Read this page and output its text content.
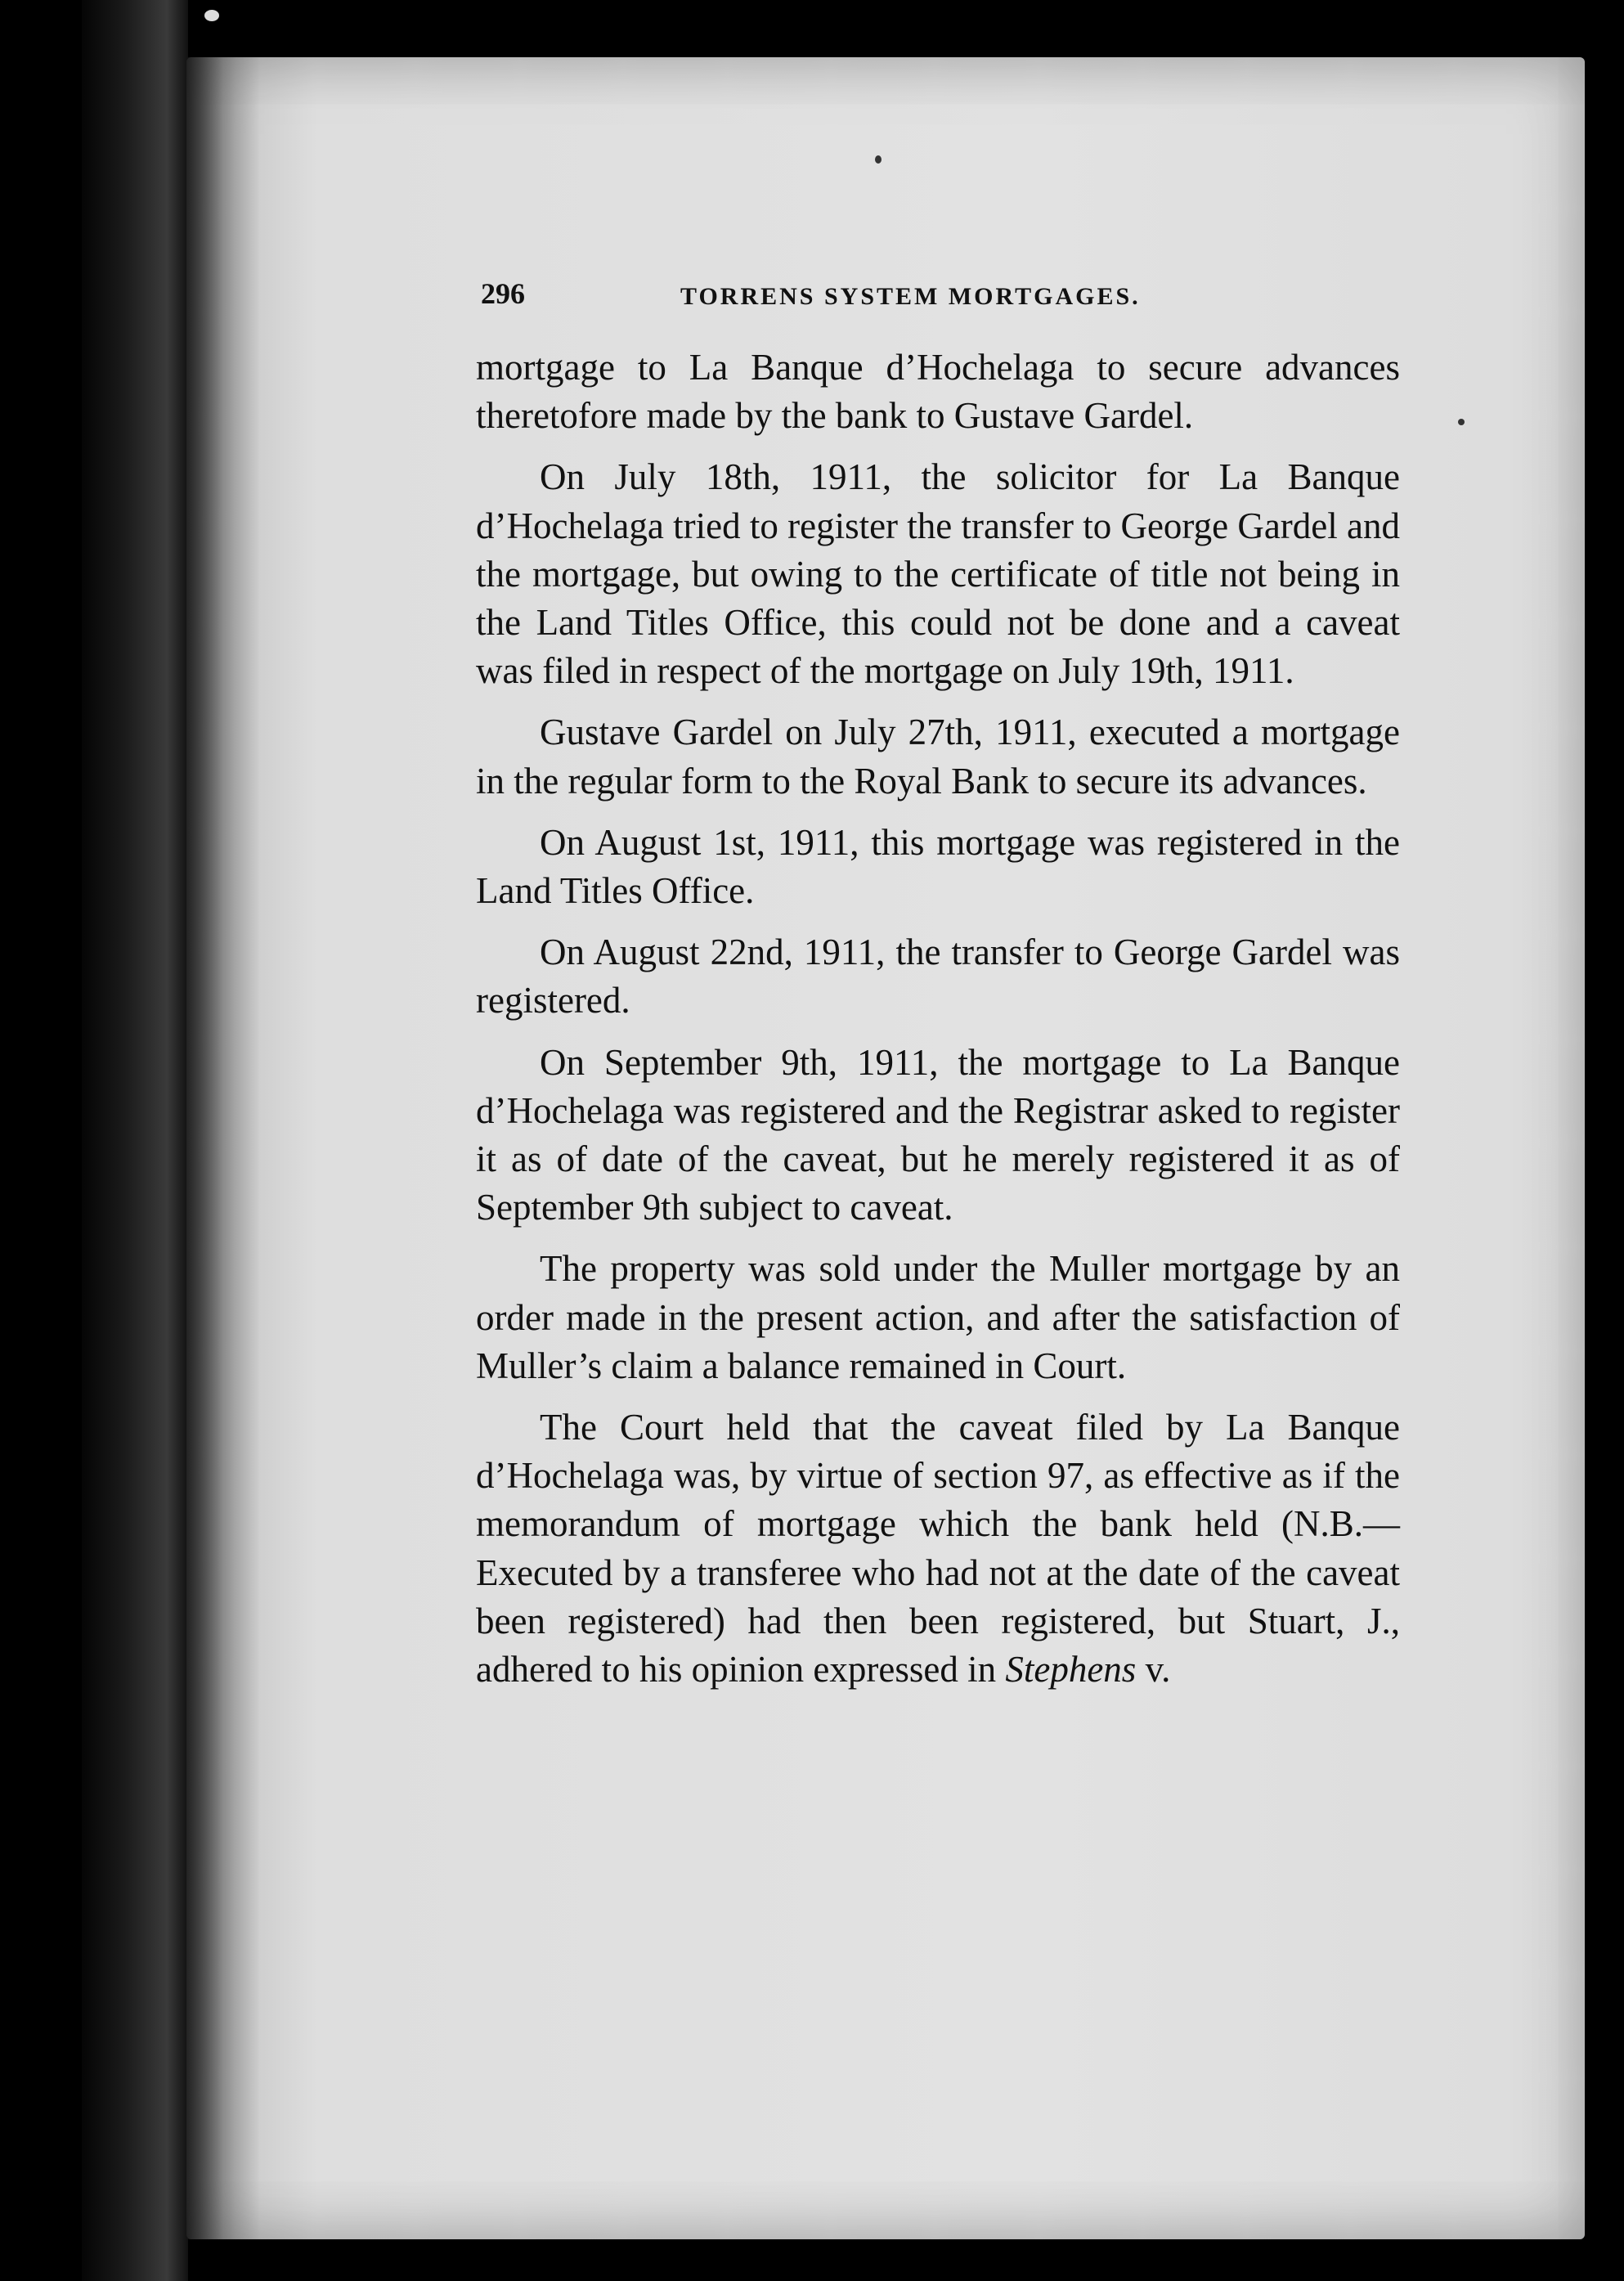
296	TORRENS SYSTEM MORTGAGES.

mortgage to La Banque d’Hochelaga to secure advances theretofore made by the bank to Gustave Gardel.

On July 18th, 1911, the solicitor for La Banque d’Hochelaga tried to register the transfer to George Gardel and the mortgage, but owing to the certificate of title not being in the Land Titles Office, this could not be done and a caveat was filed in respect of the mortgage on July 19th, 1911.

Gustave Gardel on July 27th, 1911, executed a mortgage in the regular form to the Royal Bank to secure its advances.

On August 1st, 1911, this mortgage was registered in the Land Titles Office.

On August 22nd, 1911, the transfer to George Gardel was registered.

On September 9th, 1911, the mortgage to La Banque d’Hochelaga was registered and the Registrar asked to register it as of date of the caveat, but he merely registered it as of September 9th subject to caveat.

The property was sold under the Muller mortgage by an order made in the present action, and after the satisfaction of Muller’s claim a balance remained in Court.

The Court held that the caveat filed by La Banque d’Hochelaga was, by virtue of section 97, as effective as if the memorandum of mortgage which the bank held (N.B.—Executed by a transferee who had not at the date of the caveat been registered) had then been registered, but Stuart, J., adhered to his opinion expressed in Stephens v.
